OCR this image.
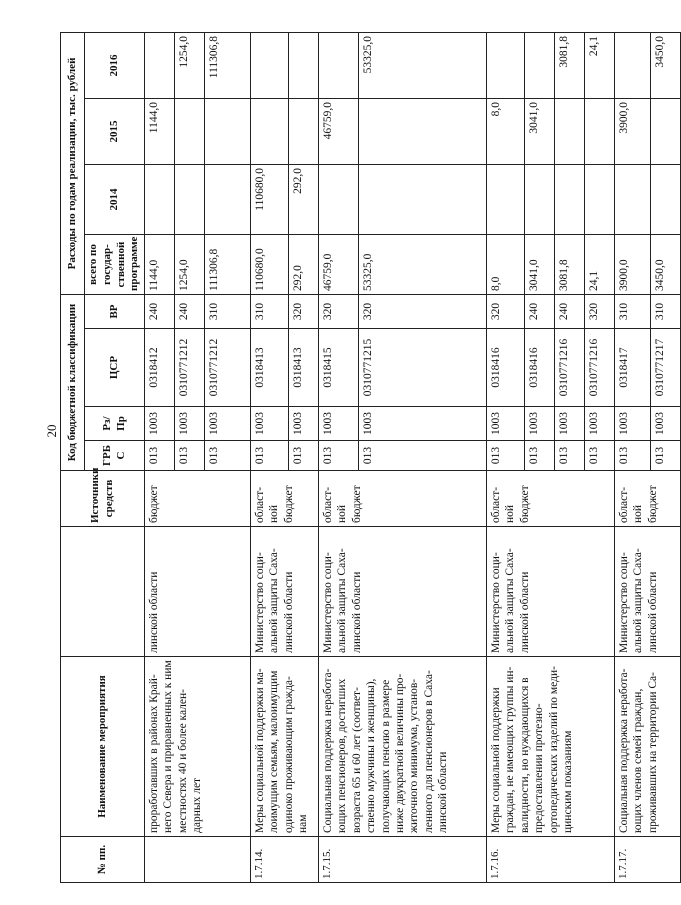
20
№ пп.	Наименование мероприятия		Источники средств	Код бюджетной классификации				Расходы по годам реализации, тыс. рублей			
				ГРБ С	Рз/ Пр	ЦСР	ВР	всего по государ-ственной программе	2014	2015	2016
	проработавших в районах Край-него Севера и приравненных к ним местностях 40 и более кален-дарных лет	линской области	бюджет	013	1003	0318412	240	1144,0		1144,0	
				013	1003	0310771212	240	1254,0			1254,0
				013	1003	0310771212	310	111306,8			111306,8
1.7.14.	Меры социальной поддержки ма-лоимущим семьям, малоимущим одиноко проживающим гражда-нам	Министерство соци-альной защиты Саха-линской области	област-ной бюджет	013	1003	0318413	310	110680,0	110680,0		
				013	1003	0318413	320	292,0	292,0		
1.7.15.	Социальная поддержка неработа-ющих пенсионеров, достигших возраста 65 и 60 лет (соответ-ственно мужчины и женщины), получающих пенсию в размере ниже двукратной величины про-житочного минимума, установ-ленного для пенсионеров в Саха-линской области	Министерство соци-альной защиты Саха-линской области	област-ной бюджет	013	1003	0318415	320	46759,0		46759,0	
				013	1003	0310771215	320	53325,0			53325,0
1.7.16.	Меры социальной поддержки граждан, не имеющих группы ин-валидности, но нуждающихся в предоставлении протезно-ортопедических изделий по меди-цинским показаниям	Министерство соци-альной защиты Саха-линской области	област-ной бюджет	013	1003	0318416	320	8,0		8,0	
				013	1003	0318416	240	3041,0		3041,0	
				013	1003	0310771216	240	3081,8			3081,8
				013	1003	0310771216	320	24,1			24,1
1.7.17.	Социальная поддержка неработа-ющих членов семей граждан, проживавших на территории Са-	Министерство соци-альной защиты Саха-линской области	област-ной бюджет	013	1003	0318417	310	3900,0		3900,0	
				013	1003	0310771217	310	3450,0			3450,0
